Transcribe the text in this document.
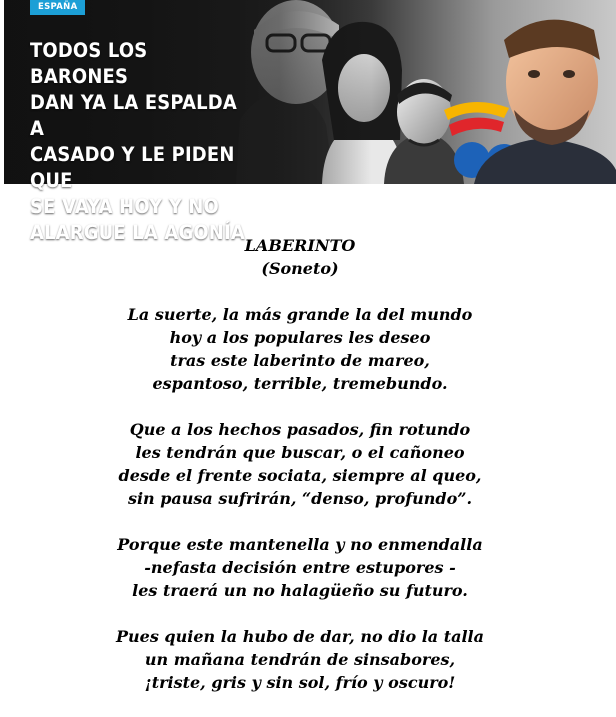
ESPAÑA
TODOS LOS BARONES
DAN YA LA ESPALDA A
CASADO Y LE PIDEN QUE
SE VAYA HOY Y NO
ALARGUE LA AGONÍA
LABERINTO
(Soneto)
La suerte, la más grande la del mundo
hoy a los populares les deseo
tras este laberinto de mareo,
espantoso, terrible, tremebundo.
Que a los hechos pasados, fin rotundo
les tendrán que buscar, o el cañoneo
desde el frente sociata, siempre al queo,
sin pausa sufrirán, “denso, profundo”.
Porque este mantenella y no enmendalla
-nefasta decisión entre estupores -
les traerá un no halagüeño su futuro.
Pues quien la hubo de dar, no dio la talla
un mañana tendrán de sinsabores,
¡triste, gris y sin sol, frío y oscuro!
